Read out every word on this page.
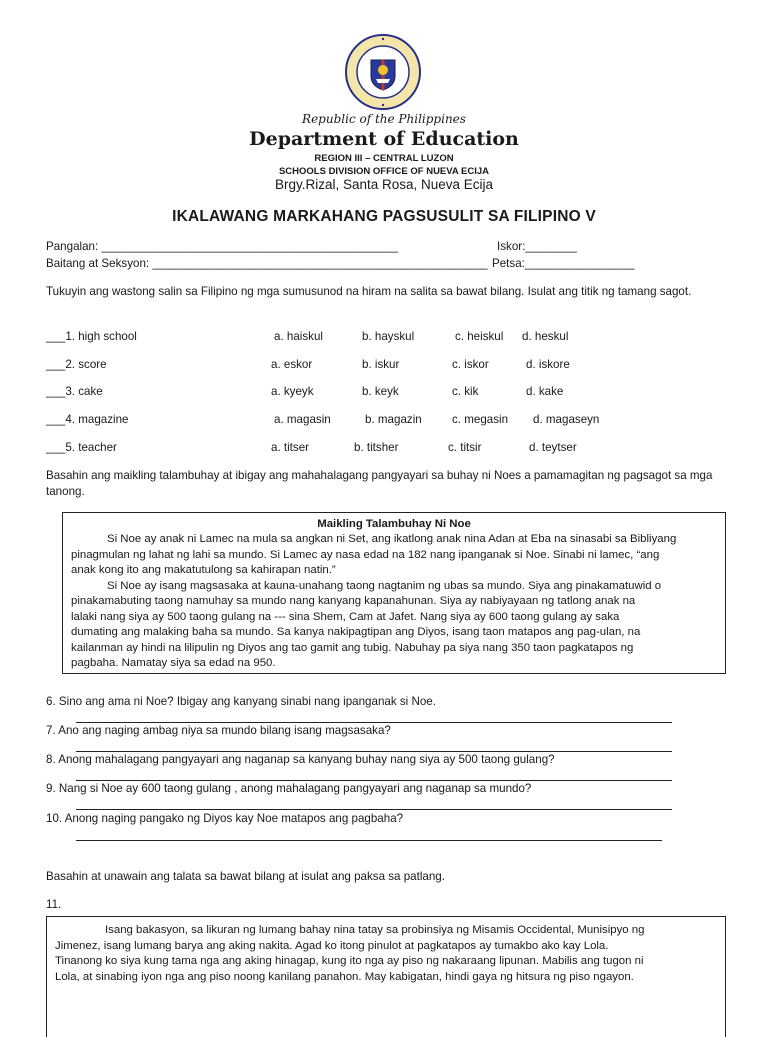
Republic of the Philippines
Department of Education
REGION III – CENTRAL LUZON
SCHOOLS DIVISION OFFICE OF NUEVA ECIJA
Brgy.Rizal, Santa Rosa, Nueva Ecija
IKALAWANG MARKAHANG PAGSUSULIT SA FILIPINO V
Pangalan: ______________________________________________	Iskor:________
Baitang at Seksyon: ____________________________________________________ Petsa:_________________
Tukuyin ang wastong salin sa Filipino ng mga sumusunod na hiram na salita sa bawat bilang. Isulat ang titik ng tamang sagot.
___1. high school	a. haiskul	b. hayskul	c. heiskul d. heskul
___2. score	a. eskor	b. iskur	c. iskor	d. iskore
___3. cake	a. kyeyk	b. keyk	c. kik	d. kake
___4. magazine	a. magasin	b. magazin	c. megasin d. magaseyn
___5. teacher	a. titser	b. titsher	c. titsir	d. teytser
Basahin ang maikling talambuhay at ibigay ang mahahalagang pangyayari sa buhay ni Noes a pamamagitan ng pagsagot sa mga tanong.
Maikling Talambuhay Ni Noe
Si Noe ay anak ni Lamec na mula sa angkan ni Set, ang ikatlong anak nina Adan at Eba na sinasabi sa Bibliyang
pinagmulan ng lahat ng lahi sa mundo. Si Lamec ay nasa edad na 182 nang ipanganak si Noe. Sinabi ni lamec, “ang
anak kong ito ang makatutulong sa kahirapan natin.”
Si Noe ay isang magsasaka at kauna-unahang taong nagtanim ng ubas sa mundo. Siya ang pinakamatuwid o
pinakamabuting taong namuhay sa mundo nang kanyang kapanahunan. Siya ay nabiyayaan ng tatlong anak na
lalaki nang siya ay 500 taong gulang na --- sina Shem, Cam at Jafet. Nang siya ay 600 taong gulang ay saka
dumating ang malaking baha sa mundo. Sa kanya nakipagtipan ang Diyos, isang taon matapos ang pag-ulan, na
kailanman ay hindi na lilipulin ng Diyos ang tao gamit ang tubig. Nabuhay pa siya nang 350 taon pagkatapos ng
pagbaha. Namatay siya sa edad na 950.
6. Sino ang ama ni Noe? Ibigay ang kanyang sinabi nang ipanganak si Noe.
7. Ano ang naging ambag niya sa mundo bilang isang magsasaka?
8. Anong mahalagang pangyayari ang naganap sa kanyang buhay nang siya ay 500 taong gulang?
9. Nang si Noe ay 600 taong gulang , anong mahalagang pangyayari ang naganap sa mundo?
10. Anong naging pangako ng Diyos kay Noe matapos ang pagbaha?
Basahin at unawain ang talata sa bawat bilang at isulat ang paksa sa patlang.
11.
Isang bakasyon, sa likuran ng lumang bahay nina tatay sa probinsiya ng Misamis Occidental, Munisipyo ng
Jimenez, isang lumang barya ang aking nakita. Agad ko itong pinulot at pagkatapos ay tumakbo ako kay Lola.
Tinanong ko siya kung tama nga ang aking hinagap, kung ito nga ay piso ng nakaraang lipunan. Mabilis ang tugon ni
Lola, at sinabing iyon nga ang piso noong kanilang panahon. May kabigatan, hindi gaya ng hitsura ng piso ngayon.
